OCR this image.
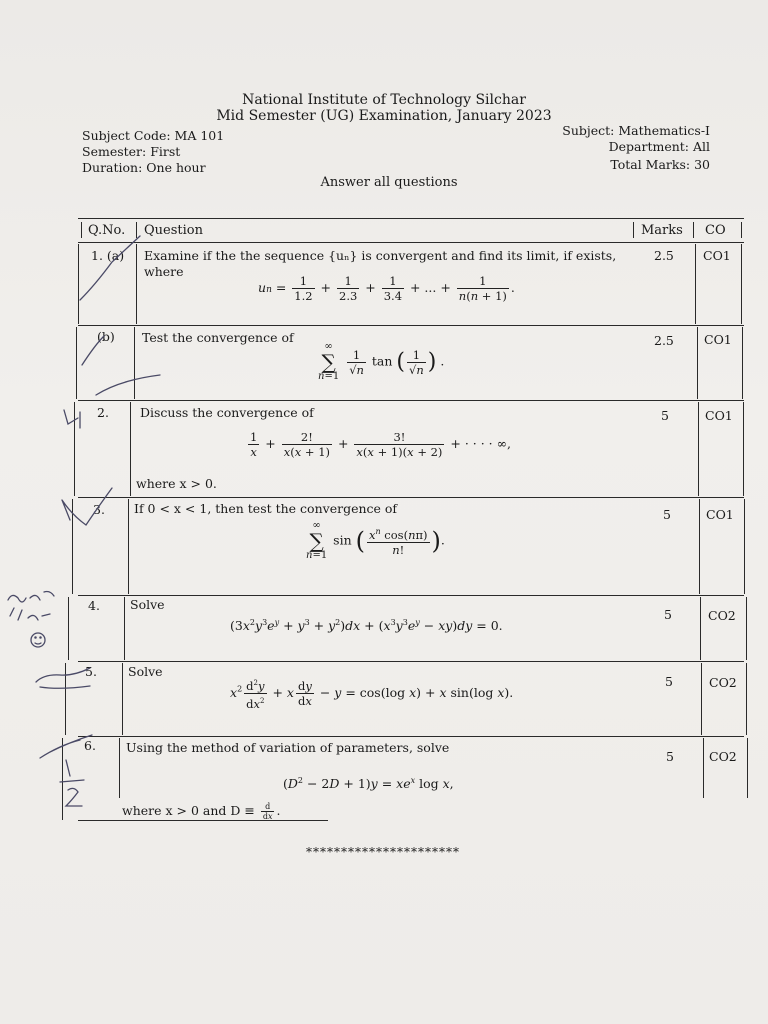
National Institute of Technology Silchar
Mid Semester (UG) Examination, January 2023
Subject Code: MA 101
Semester: First
Duration: One hour
Subject: Mathematics-I
Department: All
Total Marks: 30
Answer all questions
Q.No. Question	Marks CO
1. (a) Examine if the the sequence {uₙ} is convergent and find its limit, if exists,
where
un = $\frac{1}{1.2} + \frac{1}{2.3} + \frac{1}{3.4}$ + ... + $\frac{1}{n(n + 1)}$ .
2.5 CO1
(b) Test the convergence of
∞
∑
$n=1 \frac{1}{√n}$ tan ( $\frac{1}{√n}$ ) .
2.5 CO1
2. Discuss the convergence of
$\frac{1}{x} + \frac{2!}{x(x + 1)} + \frac{3!}{x(x + 1)(x + 2)}$ + · · · · ∞,
where x > 0.
5	CO1
3. If 0 < x < 1, then test the convergence of
∞
∑
n=1 sin ( $\frac{x^n \cos(n\pi)}{n!}$ ).
5	CO1
4. Solve
$(3x^2y^3e^y + y^3 + y^2)dx + (x^3y^3e^y - xy)dy = 0$.
5	CO2
5. Solve
$x^2 \frac{d^2y}{dx^2} + x \frac{dy}{dx} - y = \cos(\log$ x) + x sin(log x).
5	CO2
6. Using the method of variation of parameters, solve
$(D^2 - 2D + 1)y = xe^x$ log x,
where x > 0 and $D \equiv \frac{d}{dx}$ .
5	CO2
**********************
